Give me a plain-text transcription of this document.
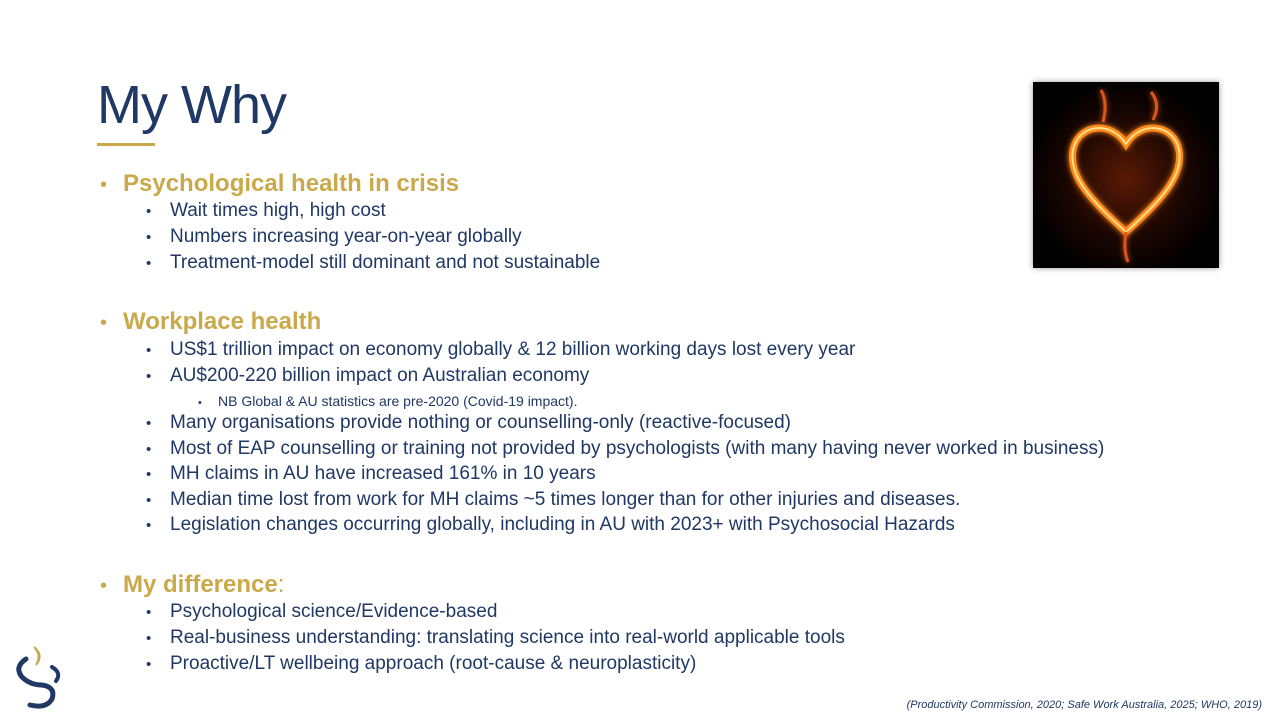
My Why
• Psychological health in crisis
• Wait times high, high cost
• Numbers increasing year-on-year globally
• Treatment-model still dominant and not sustainable
• Workplace health
• US$1 trillion impact on economy globally & 12 billion working days lost every year
• AU$200-220 billion impact on Australian economy
• NB Global & AU statistics are pre-2020 (Covid-19 impact).
• Many organisations provide nothing or counselling-only (reactive-focused)
• Most of EAP counselling or training not provided by psychologists (with many having never worked in business)
• MH claims in AU have increased 161% in 10 years
• Median time lost from work for MH claims ~5 times longer than for other injuries and diseases.
• Legislation changes occurring globally, including in AU with 2023+ with Psychosocial Hazards
• My difference:
• Psychological science/Evidence-based
• Real-business understanding: translating science into real-world applicable tools
• Proactive/LT wellbeing approach (root-cause & neuroplasticity)
(Productivity Commission, 2020; Safe Work Australia, 2025; WHO, 2019)
